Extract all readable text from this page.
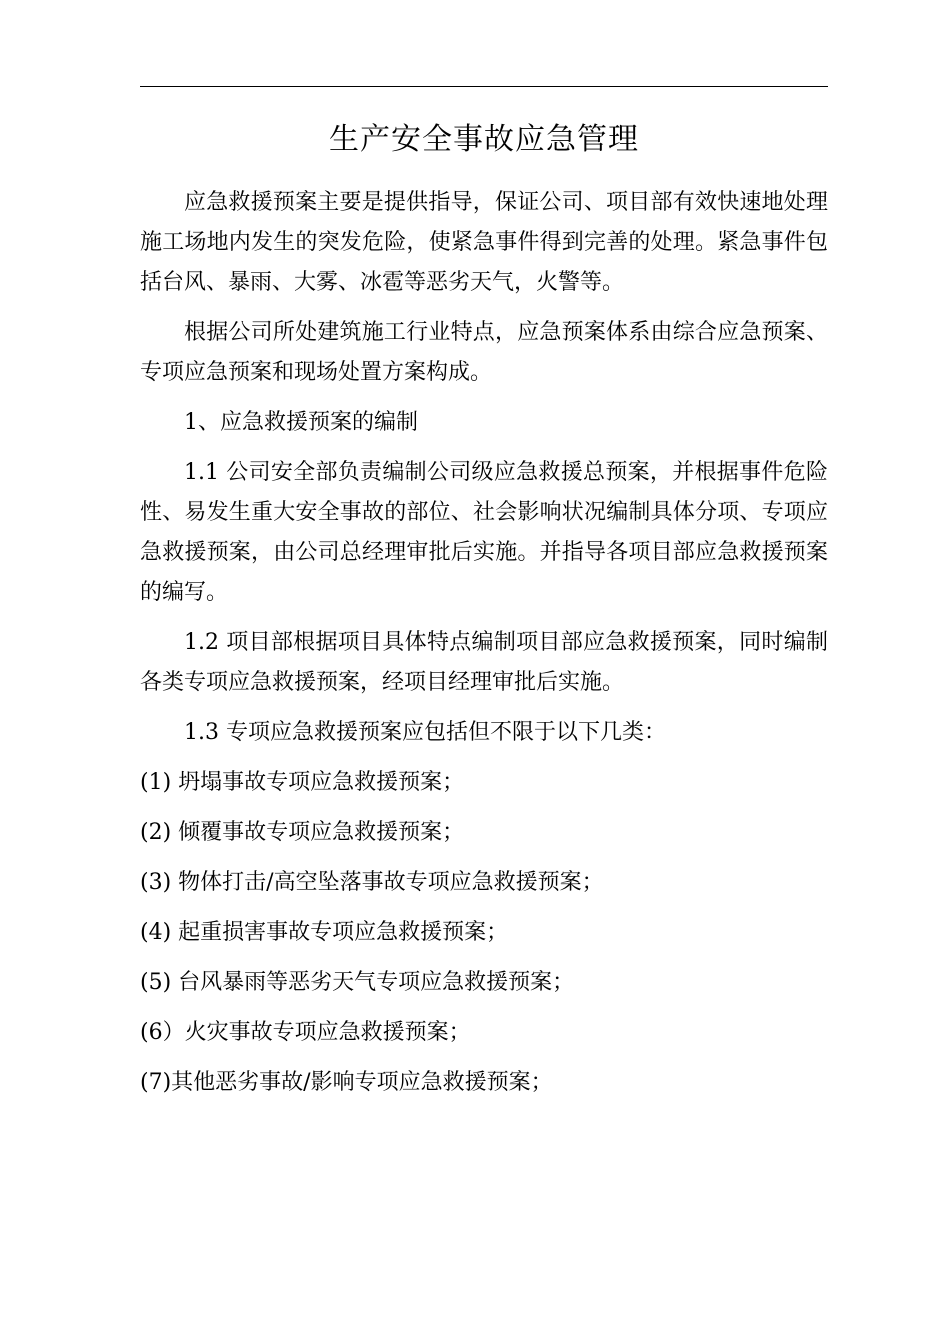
生产安全事故应急管理

应急救援预案主要是提供指导，保证公司、项目部有效快速地处理施工场地内发生的突发危险，使紧急事件得到完善的处理。紧急事件包括台风、暴雨、大雾、冰雹等恶劣天气，火警等。

根据公司所处建筑施工行业特点，应急预案体系由综合应急预案、专项应急预案和现场处置方案构成。

1、应急救援预案的编制

1.1 公司安全部负责编制公司级应急救援总预案，并根据事件危险性、易发生重大安全事故的部位、社会影响状况编制具体分项、专项应急救援预案，由公司总经理审批后实施。并指导各项目部应急救援预案的编写。

1.2 项目部根据项目具体特点编制项目部应急救援预案，同时编制各类专项应急救援预案，经项目经理审批后实施。

1.3 专项应急救援预案应包括但不限于以下几类：

(1) 坍塌事故专项应急救援预案；
(2) 倾覆事故专项应急救援预案；
(3) 物体打击/高空坠落事故专项应急救援预案；
(4) 起重损害事故专项应急救援预案；
(5) 台风暴雨等恶劣天气专项应急救援预案；
(6）火灾事故专项应急救援预案；
(7)其他恶劣事故/影响专项应急救援预案；
